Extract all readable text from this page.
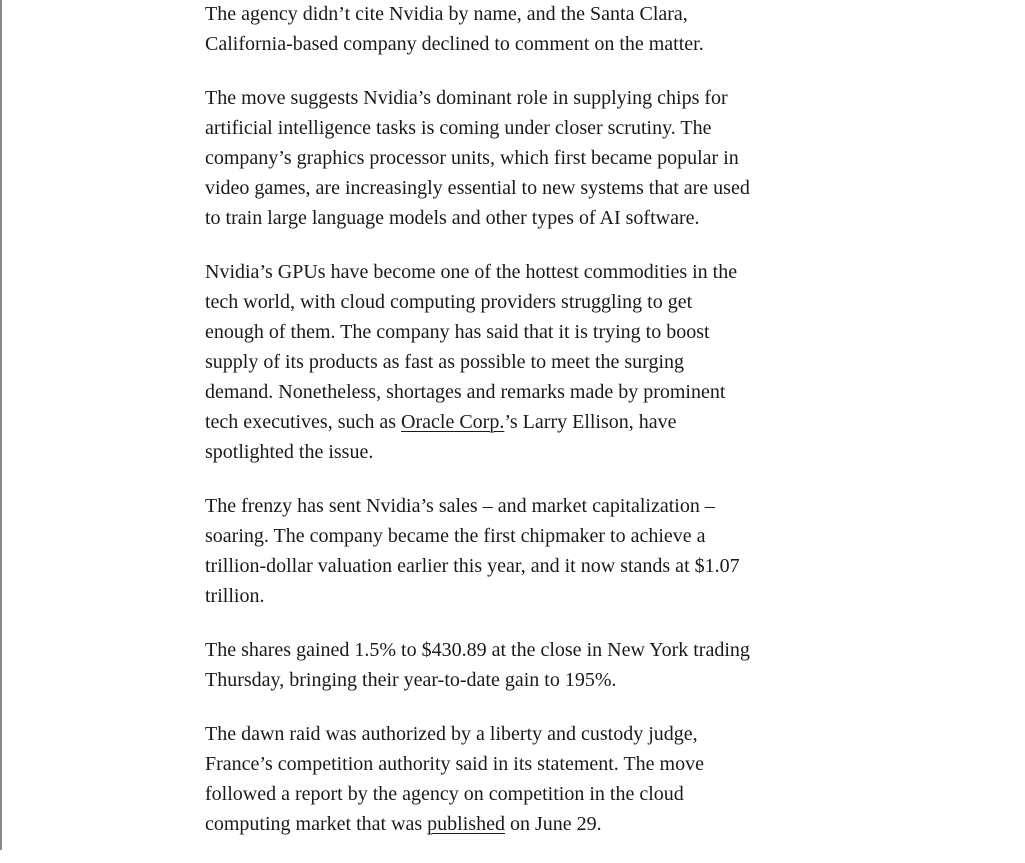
The agency didn’t cite Nvidia by name, and the Santa Clara,
California-based company declined to comment on the matter.

The move suggests Nvidia’s dominant role in supplying chips for
artificial intelligence tasks is coming under closer scrutiny. The
company’s graphics processor units, which first became popular in
video games, are increasingly essential to new systems that are used
to train large language models and other types of AI software.

Nvidia’s GPUs have become one of the hottest commodities in the
tech world, with cloud computing providers struggling to get
enough of them. The company has said that it is trying to boost
supply of its products as fast as possible to meet the surging
demand. Nonetheless, shortages and remarks made by prominent
tech executives, such as Oracle Corp.’s Larry Ellison, have
spotlighted the issue.

The frenzy has sent Nvidia’s sales – and market capitalization –
soaring. The company became the first chipmaker to achieve a
trillion-dollar valuation earlier this year, and it now stands at $1.07
trillion.

The shares gained 1.5% to $430.89 at the close in New York trading
Thursday, bringing their year-to-date gain to 195%.

The dawn raid was authorized by a liberty and custody judge,
France’s competition authority said in its statement. The move
followed a report by the agency on competition in the cloud
computing market that was published on June 29.
